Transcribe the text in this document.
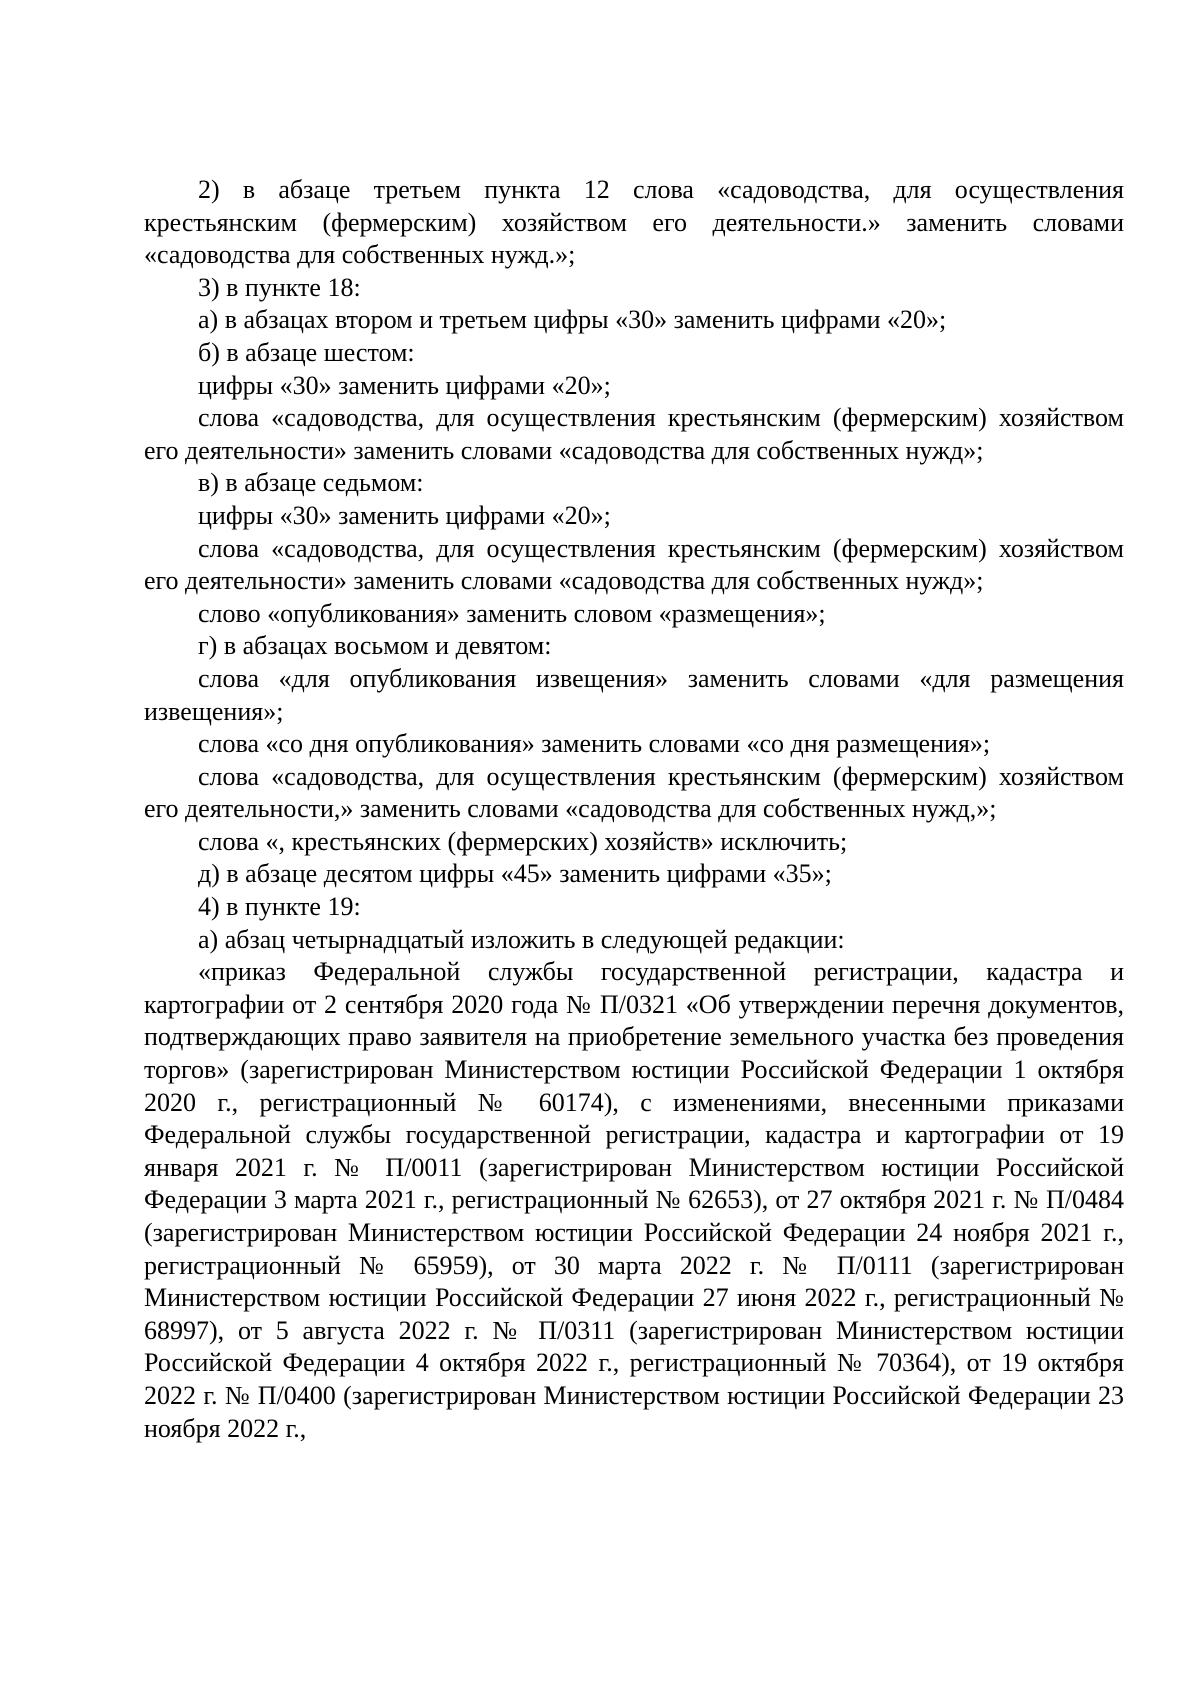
2) в абзаце третьем пункта 12 слова «садоводства, для осуществления крестьянским (фермерским) хозяйством его деятельности.» заменить словами «садоводства для собственных нужд.»;

3) в пункте 18:

а) в абзацах втором и третьем цифры «30» заменить цифрами «20»;

б) в абзаце шестом:

цифры «30» заменить цифрами «20»;

слова «садоводства, для осуществления крестьянским (фермерским) хозяйством его деятельности» заменить словами «садоводства для собственных нужд»;

в) в абзаце седьмом:

цифры «30» заменить цифрами «20»;

слова «садоводства, для осуществления крестьянским (фермерским) хозяйством его деятельности» заменить словами «садоводства для собственных нужд»;

слово «опубликования» заменить словом «размещения»;

г) в абзацах восьмом и девятом:

слова «для опубликования извещения» заменить словами «для размещения извещения»;

слова «со дня опубликования» заменить словами «со дня размещения»;

слова «садоводства, для осуществления крестьянским (фермерским) хозяйством его деятельности,» заменить словами «садоводства для собственных нужд,»;

слова «, крестьянских (фермерских) хозяйств» исключить;

д) в абзаце десятом цифры «45» заменить цифрами «35»;

4) в пункте 19:

а) абзац четырнадцатый изложить в следующей редакции:

«приказ Федеральной службы государственной регистрации, кадастра и картографии от 2 сентября 2020 года № П/0321 «Об утверждении перечня документов, подтверждающих право заявителя на приобретение земельного участка без проведения торгов» (зарегистрирован Министерством юстиции Российской Федерации 1 октября 2020 г., регистрационный № 60174), с изменениями, внесенными приказами Федеральной службы государственной регистрации, кадастра и картографии от 19 января 2021 г. № П/0011 (зарегистрирован Министерством юстиции Российской Федерации 3 марта 2021 г., регистрационный № 62653), от 27 октября 2021 г. № П/0484 (зарегистрирован Министерством юстиции Российской Федерации 24 ноября 2021 г., регистрационный № 65959), от 30 марта 2022 г. № П/0111 (зарегистрирован Министерством юстиции Российской Федерации 27 июня 2022 г., регистрационный № 68997), от 5 августа 2022 г. № П/0311 (зарегистрирован Министерством юстиции Российской Федерации 4 октября 2022 г., регистрационный № 70364), от 19 октября 2022 г. № П/0400 (зарегистрирован Министерством юстиции Российской Федерации 23 ноября 2022 г.,
